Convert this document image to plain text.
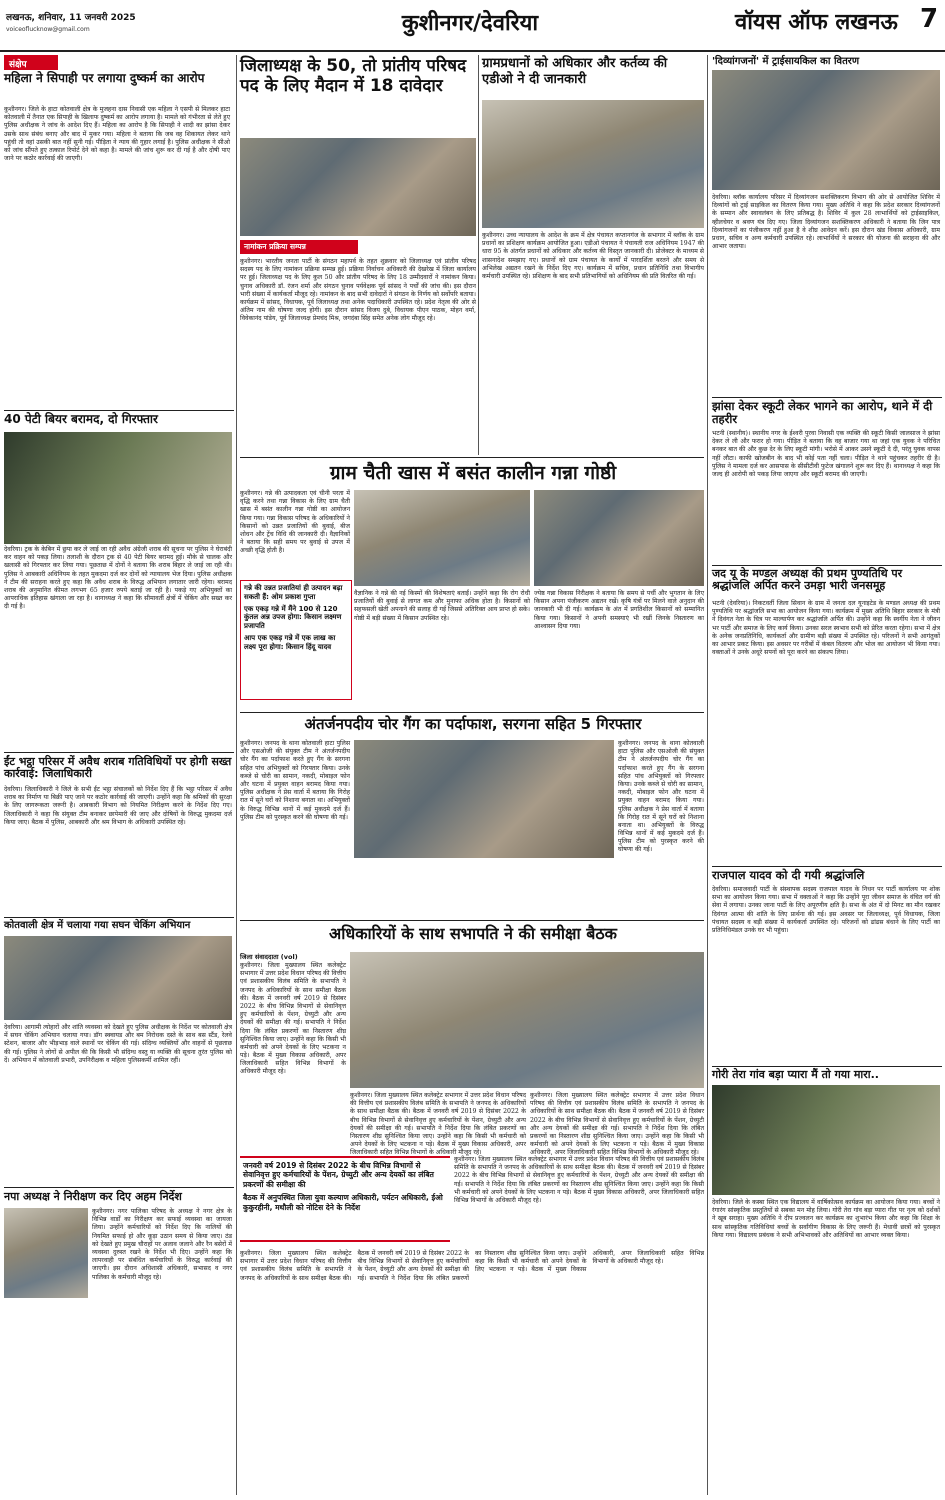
लखनऊ, शनिवार, 11 जनवरी 2025
voiceoflucknow@gmail.com	कुशीनगर/देवरिया	वॉयस ऑफ लखनऊ 7
संक्षेप
महिला ने सिपाही पर लगाया दुष्कर्म का आरोप
कुशीनगर। जिले के हाटा कोतवाली क्षेत्र के मुजहना दास निवासी एक महिला ने एसपी से मिलकर हाटा कोतवाली में तैनात एक सिपाही के खिलाफ दुष्कर्म का आरोप लगाया है। मामले को गंभीरता से लेते हुए पुलिस अधीक्षक ने जांच के आदेश दिए हैं। महिला का आरोप है कि सिपाही ने शादी का झांसा देकर उसके साथ संबंध बनाए और बाद में मुकर गया। महिला ने बताया कि जब वह शिकायत लेकर थाने पहुंची तो वहां उसकी बात नहीं सुनी गई। पीड़िता ने न्याय की गुहार लगाई है। पुलिस अधीक्षक ने सीओ को जांच सौंपते हुए तत्काल रिपोर्ट देने को कहा है। मामले की जांच शुरू कर दी गई है और दोषी पाए जाने पर कठोर कार्रवाई की जाएगी।
40 पेटी बियर बरामद, दो गिरफ्तार
देवरिया। ट्रक के केबिन में छुपा कर ले जाई जा रही अवैध अंग्रेजी शराब की सूचना पर पुलिस ने घेराबंदी कर वाहन को पकड़ लिया। तलाशी के दौरान ट्रक से 40 पेटी बियर बरामद हुई। मौके से चालक और खलासी को गिरफ्तार कर लिया गया। पूछताछ में दोनों ने बताया कि शराब बिहार ले जाई जा रही थी। पुलिस ने आबकारी अधिनियम के तहत मुकदमा दर्ज कर दोनों को न्यायालय भेज दिया। पुलिस अधीक्षक ने टीम की सराहना करते हुए कहा कि अवैध शराब के विरुद्ध अभियान लगातार जारी रहेगा। बरामद शराब की अनुमानित कीमत लगभग 65 हजार रुपये बताई जा रही है। पकड़े गए अभियुक्तों का आपराधिक इतिहास खंगाला जा रहा है। थानाध्यक्ष ने कहा कि सीमावर्ती क्षेत्रों में चेकिंग और सख्त कर दी गई है।
ईंट भट्ठा परिसर में अवैध शराब गतिविधियों पर होगी सख्त कार्रवाई: जिलाधिकारी
देवरिया। जिलाधिकारी ने जिले के सभी ईंट भट्ठा संचालकों को निर्देश दिए हैं कि भट्ठा परिसर में अवैध शराब का निर्माण या बिक्री पाए जाने पर कठोर कार्रवाई की जाएगी। उन्होंने कहा कि श्रमिकों की सुरक्षा के लिए जागरूकता जरूरी है। आबकारी विभाग को नियमित निरीक्षण करने के निर्देश दिए गए। जिलाधिकारी ने कहा कि संयुक्त टीम बनाकर छापेमारी की जाए और दोषियों के विरुद्ध मुकदमा दर्ज किया जाए। बैठक में पुलिस, आबकारी और श्रम विभाग के अधिकारी उपस्थित रहे।
कोतवाली क्षेत्र में चलाया गया सघन चेकिंग अभियान
देवरिया। आगामी त्योहारों और शांति व्यवस्था को देखते हुए पुलिस अधीक्षक के निर्देश पर कोतवाली क्षेत्र में सघन चेकिंग अभियान चलाया गया। डॉग स्क्वायड और बम निरोधक दस्ते के साथ बस स्टैंड, रेलवे स्टेशन, बाजार और भीड़भाड़ वाले स्थानों पर चेकिंग की गई। संदिग्ध व्यक्तियों और वाहनों से पूछताछ की गई। पुलिस ने लोगों से अपील की कि किसी भी संदिग्ध वस्तु या व्यक्ति की सूचना तुरंत पुलिस को दें। अभियान में कोतवाली प्रभारी, उपनिरीक्षक व महिला पुलिसकर्मी शामिल रहीं।
नपा अध्यक्ष ने निरीक्षण कर दिए अहम निर्देश
कुशीनगर। नगर पालिका परिषद के अध्यक्ष ने नगर क्षेत्र के विभिन्न वार्डों का निरीक्षण कर सफाई व्यवस्था का जायजा लिया। उन्होंने कर्मचारियों को निर्देश दिए कि नालियों की नियमित सफाई हो और कूड़ा उठान समय से किया जाए। ठंड को देखते हुए प्रमुख चौराहों पर अलाव जलाने और रैन बसेरों में व्यवस्था दुरुस्त रखने के निर्देश भी दिए। उन्होंने कहा कि लापरवाही पर संबंधित कर्मचारियों के विरुद्ध कार्रवाई की जाएगी। इस दौरान अधिशासी अधिकारी, सभासद व नगर पालिका के कर्मचारी मौजूद रहे।
जिलाध्यक्ष के 50, तो प्रांतीय परिषद पद के लिए मैदान में 18 दावेदार
नामांकन प्रक्रिया सम्पन्न
कुशीनगर। भारतीय जनता पार्टी के संगठन महापर्व के तहत शुक्रवार को जिलाध्यक्ष एवं प्रांतीय परिषद सदस्य पद के लिए नामांकन प्रक्रिया सम्पन्न हुई। प्रक्रिया निर्वाचन अधिकारी की देखरेख में जिला कार्यालय पर हुई। जिलाध्यक्ष पद के लिए कुल 50 और प्रांतीय परिषद के लिए 18 उम्मीदवारों ने नामांकन किया। चुनाव अधिकारी डॉ. रंजन शर्मा और संगठन चुनाव पर्यवेक्षक पूर्व सांसद ने पर्चों की जांच की। इस दौरान भारी संख्या में कार्यकर्ता मौजूद रहे। नामांकन के बाद सभी दावेदारों ने संगठन के निर्णय को सर्वोपरि बताया। कार्यक्रम में सांसद, विधायक, पूर्व जिलाध्यक्ष तथा अनेक पदाधिकारी उपस्थित रहे। प्रदेश नेतृत्व की ओर से अंतिम नाम की घोषणा जल्द होगी। इस दौरान सांसद विजय दुबे, विधायक पीएन पाठक, मोहन वर्मा, विवेकानंद पांडेय, पूर्व जिलाध्यक्ष प्रेमचंद मिश्र, जगदंबा सिंह समेत अनेक लोग मौजूद रहे।
ग्रामप्रधानों को अधिकार और कर्तव्य की एडीओ ने दी जानकारी
कुशीनगर। उच्च न्यायालय के आदेश के क्रम में क्षेत्र पंचायत कप्तानगंज के सभागार में ब्लॉक के ग्राम प्रधानों का प्रशिक्षण कार्यक्रम आयोजित हुआ। एडीओ पंचायत ने पंचायती राज अधिनियम 1947 की धारा 95 के अंतर्गत प्रधानों को अधिकार और कर्तव्य की विस्तृत जानकारी दी। प्रोजेक्टर के माध्यम से शासनादेश समझाए गए। प्रधानों को ग्राम पंचायत के कार्यों में पारदर्शिता बरतने और समय से अभिलेख अद्यतन रखने के निर्देश दिए गए। कार्यक्रम में सचिव, प्रधान प्रतिनिधि तथा विभागीय कर्मचारी उपस्थित रहे। प्रशिक्षण के बाद सभी प्रतिभागियों को अधिनियम की प्रति वितरित की गई।
'दिव्यांगजनों' में ट्राईसायकिल का वितरण
देवरिया। ब्लॉक कार्यालय परिसर में दिव्यांगजन सशक्तिकरण विभाग की ओर से आयोजित शिविर में दिव्यांगों को ट्राई साइकिल का वितरण किया गया। मुख्य अतिथि ने कहा कि प्रदेश सरकार दिव्यांगजनों के सम्मान और स्वावलंबन के लिए प्रतिबद्ध है। शिविर में कुल 28 लाभार्थियों को ट्राईसाइकिल, व्हीलचेयर व श्रवण यंत्र दिए गए। जिला दिव्यांगजन सशक्तिकरण अधिकारी ने बताया कि जिन पात्र दिव्यांगजनों का पंजीकरण नहीं हुआ है वे शीघ्र आवेदन करें। इस दौरान खंड विकास अधिकारी, ग्राम प्रधान, सचिव व अन्य कर्मचारी उपस्थित रहे। लाभार्थियों ने सरकार की योजना की सराहना की और आभार जताया।
झांसा देकर स्कूटी लेकर भागने का आरोप, थाने में दी तहरीर
भटनी (स्थानीय)। स्थानीय नगर के ईश्वरी पुरवा निवासी एक व्यक्ति की स्कूटी किसी जालसाज ने झांसा देकर ले ली और फरार हो गया। पीड़ित ने बताया कि वह बाजार गया था जहां एक युवक ने परिचित बनकर बात की और कुछ देर के लिए स्कूटी मांगी। भरोसे में आकर उसने स्कूटी दे दी, परंतु युवक वापस नहीं लौटा। काफी खोजबीन के बाद भी कोई पता नहीं चला। पीड़ित ने थाने पहुंचकर तहरीर दी है। पुलिस ने मामला दर्ज कर आसपास के सीसीटीवी फुटेज खंगालने शुरू कर दिए हैं। थानाध्यक्ष ने कहा कि जल्द ही आरोपी को पकड़ लिया जाएगा और स्कूटी बरामद की जाएगी।
जद यू के मण्डल अध्यक्ष की प्रथम पुण्यतिथि पर श्रद्धांजलि अर्पित करने उमड़ा भारी जनसमूह
भटनी (देवरिया)। निकटवर्ती जिला सिवान के ग्राम में जनता दल यूनाइटेड के मण्डल अध्यक्ष की प्रथम पुण्यतिथि पर श्रद्धांजलि सभा का आयोजन किया गया। कार्यक्रम में मुख्य अतिथि बिहार सरकार के मंत्री ने दिवंगत नेता के चित्र पर माल्यार्पण कर श्रद्धांजलि अर्पित की। उन्होंने कहा कि स्वर्गीय नेता ने जीवन भर पार्टी और समाज के लिए कार्य किया। उनका सरल स्वभाव सभी को प्रेरित करता रहेगा। सभा में क्षेत्र के अनेक जनप्रतिनिधि, कार्यकर्ता और ग्रामीण बड़ी संख्या में उपस्थित रहे। परिजनों ने सभी आगंतुकों का आभार प्रकट किया। इस अवसर पर गरीबों में कंबल वितरण और भोज का आयोजन भी किया गया। वक्ताओं ने उनके अधूरे सपनों को पूरा करने का संकल्प लिया।
राजपाल यादव को दी गयी श्रद्धांजलि
देवरिया। समाजवादी पार्टी के संस्थापक सदस्य राजपाल यादव के निधन पर पार्टी कार्यालय पर शोक सभा का आयोजन किया गया। सभा में वक्ताओं ने कहा कि उन्होंने पूरा जीवन समाज के वंचित वर्ग की सेवा में लगाया। उनका जाना पार्टी के लिए अपूरणीय क्षति है। सभा के अंत में दो मिनट का मौन रखकर दिवंगत आत्मा की शांति के लिए प्रार्थना की गई। इस अवसर पर जिलाध्यक्ष, पूर्व विधायक, जिला पंचायत सदस्य व बड़ी संख्या में कार्यकर्ता उपस्थित रहे। परिजनों को ढांढस बंधाने के लिए पार्टी का प्रतिनिधिमंडल उनके घर भी पहुंचा।
गोरी तेरा गांव बड़ा प्यारा मैं तो गया मारा..
देवरिया। जिले के कस्बा स्थित एक विद्यालय में वार्षिकोत्सव कार्यक्रम का आयोजन किया गया। बच्चों ने रंगारंग सांस्कृतिक प्रस्तुतियों से सबका मन मोह लिया। गोरी तेरा गांव बड़ा प्यारा गीत पर नृत्य को दर्शकों ने खूब सराहा। मुख्य अतिथि ने दीप प्रज्वलन कर कार्यक्रम का शुभारंभ किया और कहा कि शिक्षा के साथ सांस्कृतिक गतिविधियां बच्चों के सर्वांगीण विकास के लिए जरूरी हैं। मेधावी छात्रों को पुरस्कृत किया गया। विद्यालय प्रबंधक ने सभी अभिभावकों और अतिथियों का आभार व्यक्त किया।
ग्राम चैती खास में बसंत कालीन गन्ना गोष्ठी
कुशीनगर। गन्ने की उत्पादकता एवं चीनी परता में वृद्धि करने तथा गन्ना विकास के लिए ग्राम चैती खास में बसंत कालीन गन्ना गोष्ठी का आयोजन किया गया। गन्ना विकास परिषद के अधिकारियों ने किसानों को उन्नत प्रजातियों की बुवाई, बीज शोधन और ट्रेंच विधि की जानकारी दी। वैज्ञानिकों ने बताया कि सही समय पर बुवाई से उपज में अच्छी वृद्धि होती है।
गन्ने की उन्नत प्रजातियां ही उत्पादन बढ़ा सकती हैं: ओम प्रकाश गुप्ता
एक एकड़ गन्ने में मैंने 100 से 120 कुंतल अन्न उपज होगा: किसान लक्ष्मण प्रजापति
आप एक एकड़ गन्ने में एक लाख का लक्ष्य पूरा होगा: किसान हिंदू यादव
वैज्ञानिक ने गन्ने की नई किस्मों की विशेषताएं बताईं। उन्होंने कहा कि रोग रोधी प्रजातियों की बुवाई से लागत कम और मुनाफा अधिक होता है। किसानों को सहफसली खेती अपनाने की सलाह दी गई जिससे अतिरिक्त आय प्राप्त हो सके। गोष्ठी में बड़ी संख्या में किसान उपस्थित रहे।
ज्येष्ठ गन्ना विकास निरीक्षक ने बताया कि समय से पर्ची और भुगतान के लिए किसान अपना पंजीकरण अद्यतन रखें। कृषि यंत्रों पर मिलने वाले अनुदान की जानकारी भी दी गई। कार्यक्रम के अंत में प्रगतिशील किसानों को सम्मानित किया गया। किसानों ने अपनी समस्याएं भी रखीं जिनके निस्तारण का आश्वासन दिया गया।
अंतर्जनपदीय चोर गैंग का पर्दाफाश, सरगना सहित 5 गिरफ्तार
कुशीनगर। जनपद के थाना कोतवाली हाटा पुलिस और एसओजी की संयुक्त टीम ने अंतर्जनपदीय चोर गैंग का पर्दाफाश करते हुए गैंग के सरगना सहित पांच अभियुक्तों को गिरफ्तार किया। उनके कब्जे से चोरी का सामान, नकदी, मोबाइल फोन और घटना में प्रयुक्त वाहन बरामद किया गया। पुलिस अधीक्षक ने प्रेस वार्ता में बताया कि गिरोह रात में सूने घरों को निशाना बनाता था। अभियुक्तों के विरुद्ध विभिन्न थानों में कई मुकदमे दर्ज हैं। पुलिस टीम को पुरस्कृत करने की घोषणा की गई।
कुशीनगर। जनपद के थाना कोतवाली हाटा पुलिस और एसओजी की संयुक्त टीम ने अंतर्जनपदीय चोर गैंग का पर्दाफाश करते हुए गैंग के सरगना सहित पांच अभियुक्तों को गिरफ्तार किया। उनके कब्जे से चोरी का सामान, नकदी, मोबाइल फोन और घटना में प्रयुक्त वाहन बरामद किया गया। पुलिस अधीक्षक ने प्रेस वार्ता में बताया कि गिरोह रात में सूने घरों को निशाना बनाता था। अभियुक्तों के विरुद्ध विभिन्न थानों में कई मुकदमे दर्ज हैं। पुलिस टीम को पुरस्कृत करने की घोषणा की गई।
अधिकारियों के साथ सभापति ने की समीक्षा बैठक
जिला संवाददाता (vol)
कुशीनगर। जिला मुख्यालय स्थित कलेक्ट्रेट सभागार में उत्तर प्रदेश विधान परिषद की वित्तीय एवं प्रशासकीय विलंब समिति के सभापति ने जनपद के अधिकारियों के साथ समीक्षा बैठक की। बैठक में जनवरी वर्ष 2019 से दिसंबर 2022 के बीच विभिन्न विभागों से सेवानिवृत्त हुए कर्मचारियों के पेंशन, ग्रेच्युटी और अन्य देयकों की समीक्षा की गई। सभापति ने निर्देश दिया कि लंबित प्रकरणों का निस्तारण शीघ्र सुनिश्चित किया जाए। उन्होंने कहा कि किसी भी कर्मचारी को अपने देयकों के लिए भटकना न पड़े। बैठक में मुख्य विकास अधिकारी, अपर जिलाधिकारी सहित विभिन्न विभागों के अधिकारी मौजूद रहे।
कुशीनगर। जिला मुख्यालय स्थित कलेक्ट्रेट सभागार में उत्तर प्रदेश विधान परिषद की वित्तीय एवं प्रशासकीय विलंब समिति के सभापति ने जनपद के अधिकारियों के साथ समीक्षा बैठक की। बैठक में जनवरी वर्ष 2019 से दिसंबर 2022 के बीच विभिन्न विभागों से सेवानिवृत्त हुए कर्मचारियों के पेंशन, ग्रेच्युटी और अन्य देयकों की समीक्षा की गई। सभापति ने निर्देश दिया कि लंबित प्रकरणों का निस्तारण शीघ्र सुनिश्चित किया जाए। उन्होंने कहा कि किसी भी कर्मचारी को अपने देयकों के लिए भटकना न पड़े। बैठक में मुख्य विकास अधिकारी, अपर जिलाधिकारी सहित विभिन्न विभागों के अधिकारी मौजूद रहे।
कुशीनगर। जिला मुख्यालय स्थित कलेक्ट्रेट सभागार में उत्तर प्रदेश विधान परिषद की वित्तीय एवं प्रशासकीय विलंब समिति के सभापति ने जनपद के अधिकारियों के साथ समीक्षा बैठक की। बैठक में जनवरी वर्ष 2019 से दिसंबर 2022 के बीच विभिन्न विभागों से सेवानिवृत्त हुए कर्मचारियों के पेंशन, ग्रेच्युटी और अन्य देयकों की समीक्षा की गई। सभापति ने निर्देश दिया कि लंबित प्रकरणों का निस्तारण शीघ्र सुनिश्चित किया जाए। उन्होंने कहा कि किसी भी कर्मचारी को अपने देयकों के लिए भटकना न पड़े। बैठक में मुख्य विकास अधिकारी, अपर जिलाधिकारी सहित विभिन्न विभागों के अधिकारी मौजूद रहे।
जनवरी वर्ष 2019 से दिसंबर 2022 के बीच विभिन्न विभागों से सेवानिवृत्त हुए कर्मचारियों के पेंशन, ग्रेच्युटी और अन्य देयकों का लंबित प्रकरणों की समीक्षा की
बैठक में अनुपस्थित जिला युवा कल्याण अधिकारी, पर्यटन अधिकारी, ईओ कुकुरहीनी, मथौली को नोटिस देने के निर्देश
कुशीनगर। जिला मुख्यालय स्थित कलेक्ट्रेट सभागार में उत्तर प्रदेश विधान परिषद की वित्तीय एवं प्रशासकीय विलंब समिति के सभापति ने जनपद के अधिकारियों के साथ समीक्षा बैठक की। बैठक में जनवरी वर्ष 2019 से दिसंबर 2022 के बीच विभिन्न विभागों से सेवानिवृत्त हुए कर्मचारियों के पेंशन, ग्रेच्युटी और अन्य देयकों की समीक्षा की गई। सभापति ने निर्देश दिया कि लंबित प्रकरणों का निस्तारण शीघ्र सुनिश्चित किया जाए। उन्होंने कहा कि किसी भी कर्मचारी को अपने देयकों के लिए भटकना न पड़े। बैठक में मुख्य विकास अधिकारी, अपर जिलाधिकारी सहित विभिन्न विभागों के अधिकारी मौजूद रहे।
कुशीनगर। जिला मुख्यालय स्थित कलेक्ट्रेट सभागार में उत्तर प्रदेश विधान परिषद की वित्तीय एवं प्रशासकीय विलंब समिति के सभापति ने जनपद के अधिकारियों के साथ समीक्षा बैठक की। बैठक में जनवरी वर्ष 2019 से दिसंबर 2022 के बीच विभिन्न विभागों से सेवानिवृत्त हुए कर्मचारियों के पेंशन, ग्रेच्युटी और अन्य देयकों की समीक्षा की गई। सभापति ने निर्देश दिया कि लंबित प्रकरणों का निस्तारण शीघ्र सुनिश्चित किया जाए। उन्होंने कहा कि किसी भी कर्मचारी को अपने देयकों के लिए भटकना न पड़े। बैठक में मुख्य विकास अधिकारी, अपर जिलाधिकारी सहित विभिन्न विभागों के अधिकारी मौजूद रहे।
